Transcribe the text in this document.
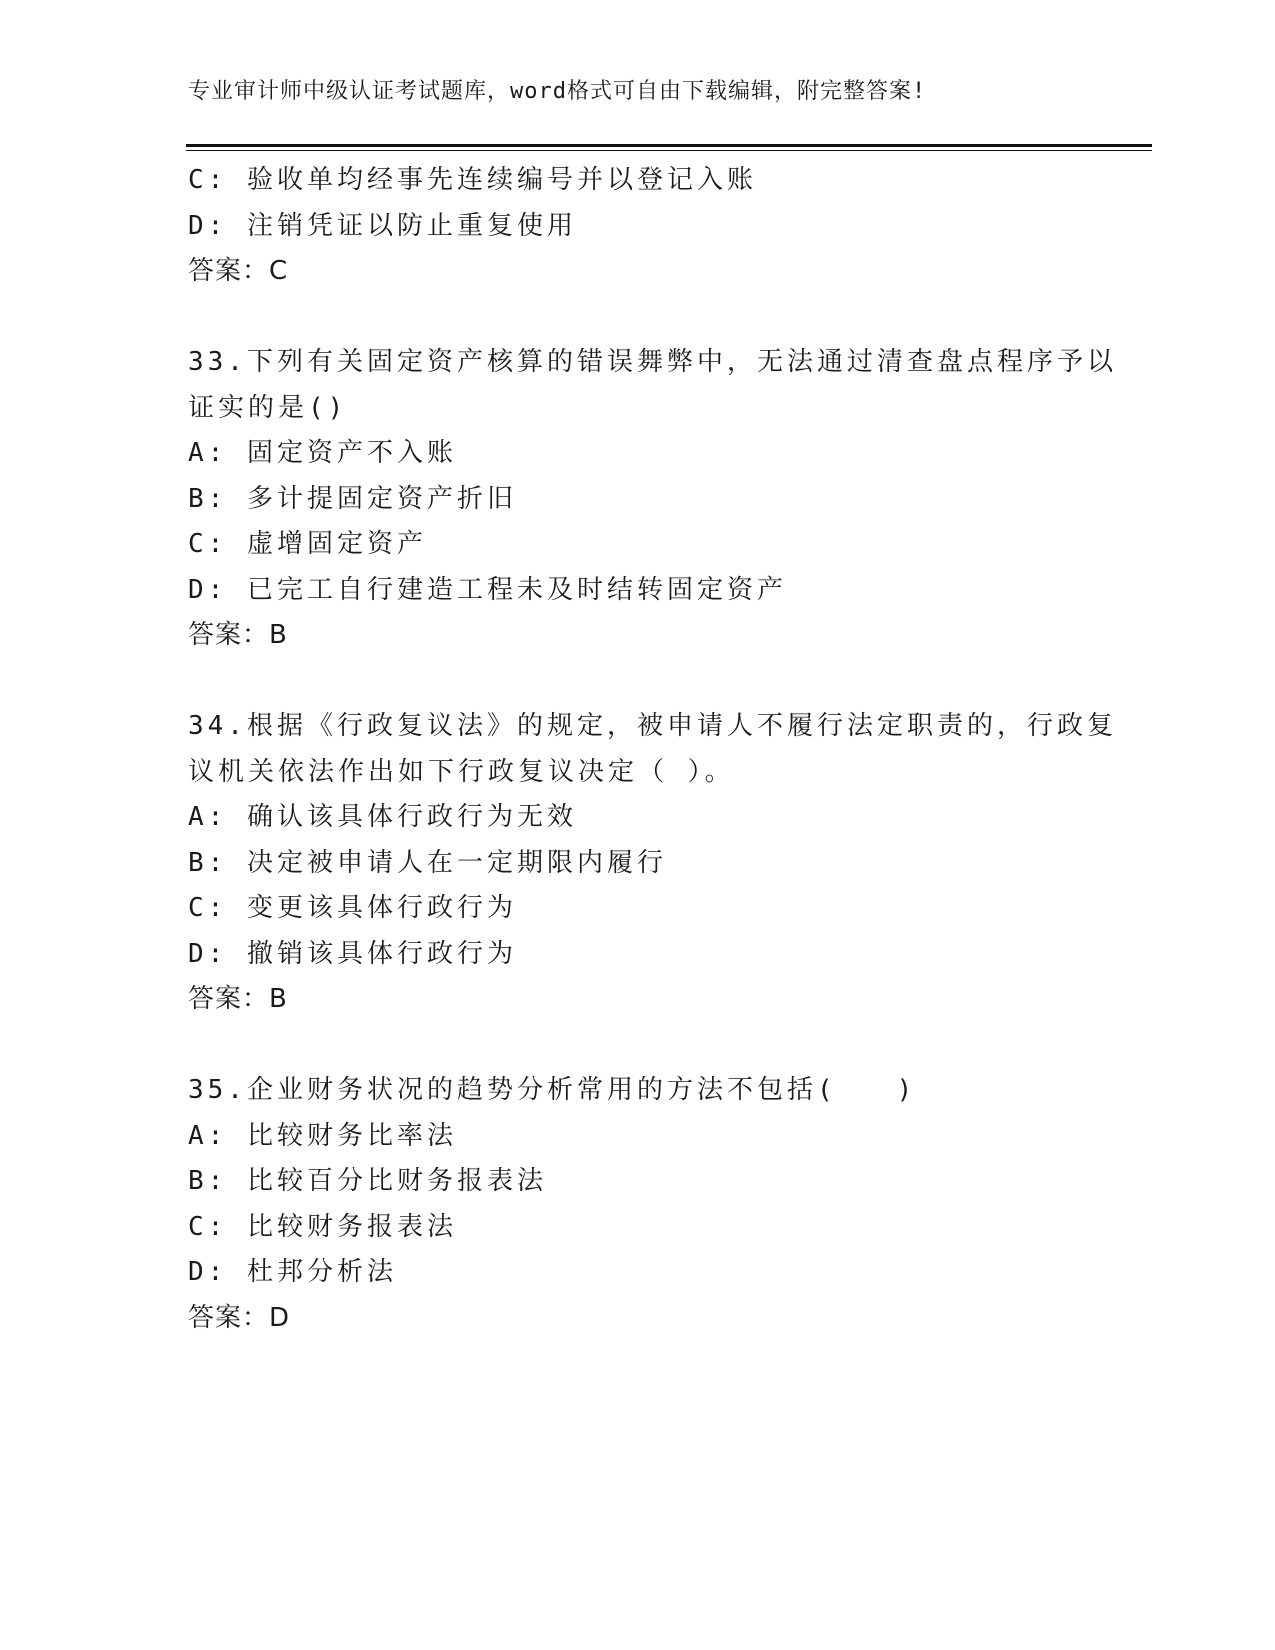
专业审计师中级认证考试题库，word格式可自由下载编辑，附完整答案!
C: 验收单均经事先连续编号并以登记入账
D: 注销凭证以防止重复使用
答案：C
33.下列有关固定资产核算的错误舞弊中，无法通过清查盘点程序予以
证实的是()
A: 固定资产不入账
B: 多计提固定资产折旧
C: 虚增固定资产
D: 已完工自行建造工程未及时结转固定资产
答案：B
34.根据《行政复议法》的规定，被申请人不履行法定职责的，行政复
议机关依法作出如下行政复议决定（ ）。
A: 确认该具体行政行为无效
B: 决定被申请人在一定期限内履行
C: 变更该具体行政行为
D: 撤销该具体行政行为
答案：B
35.企业财务状况的趋势分析常用的方法不包括(　　)
A: 比较财务比率法
B: 比较百分比财务报表法
C: 比较财务报表法
D: 杜邦分析法
答案：D
